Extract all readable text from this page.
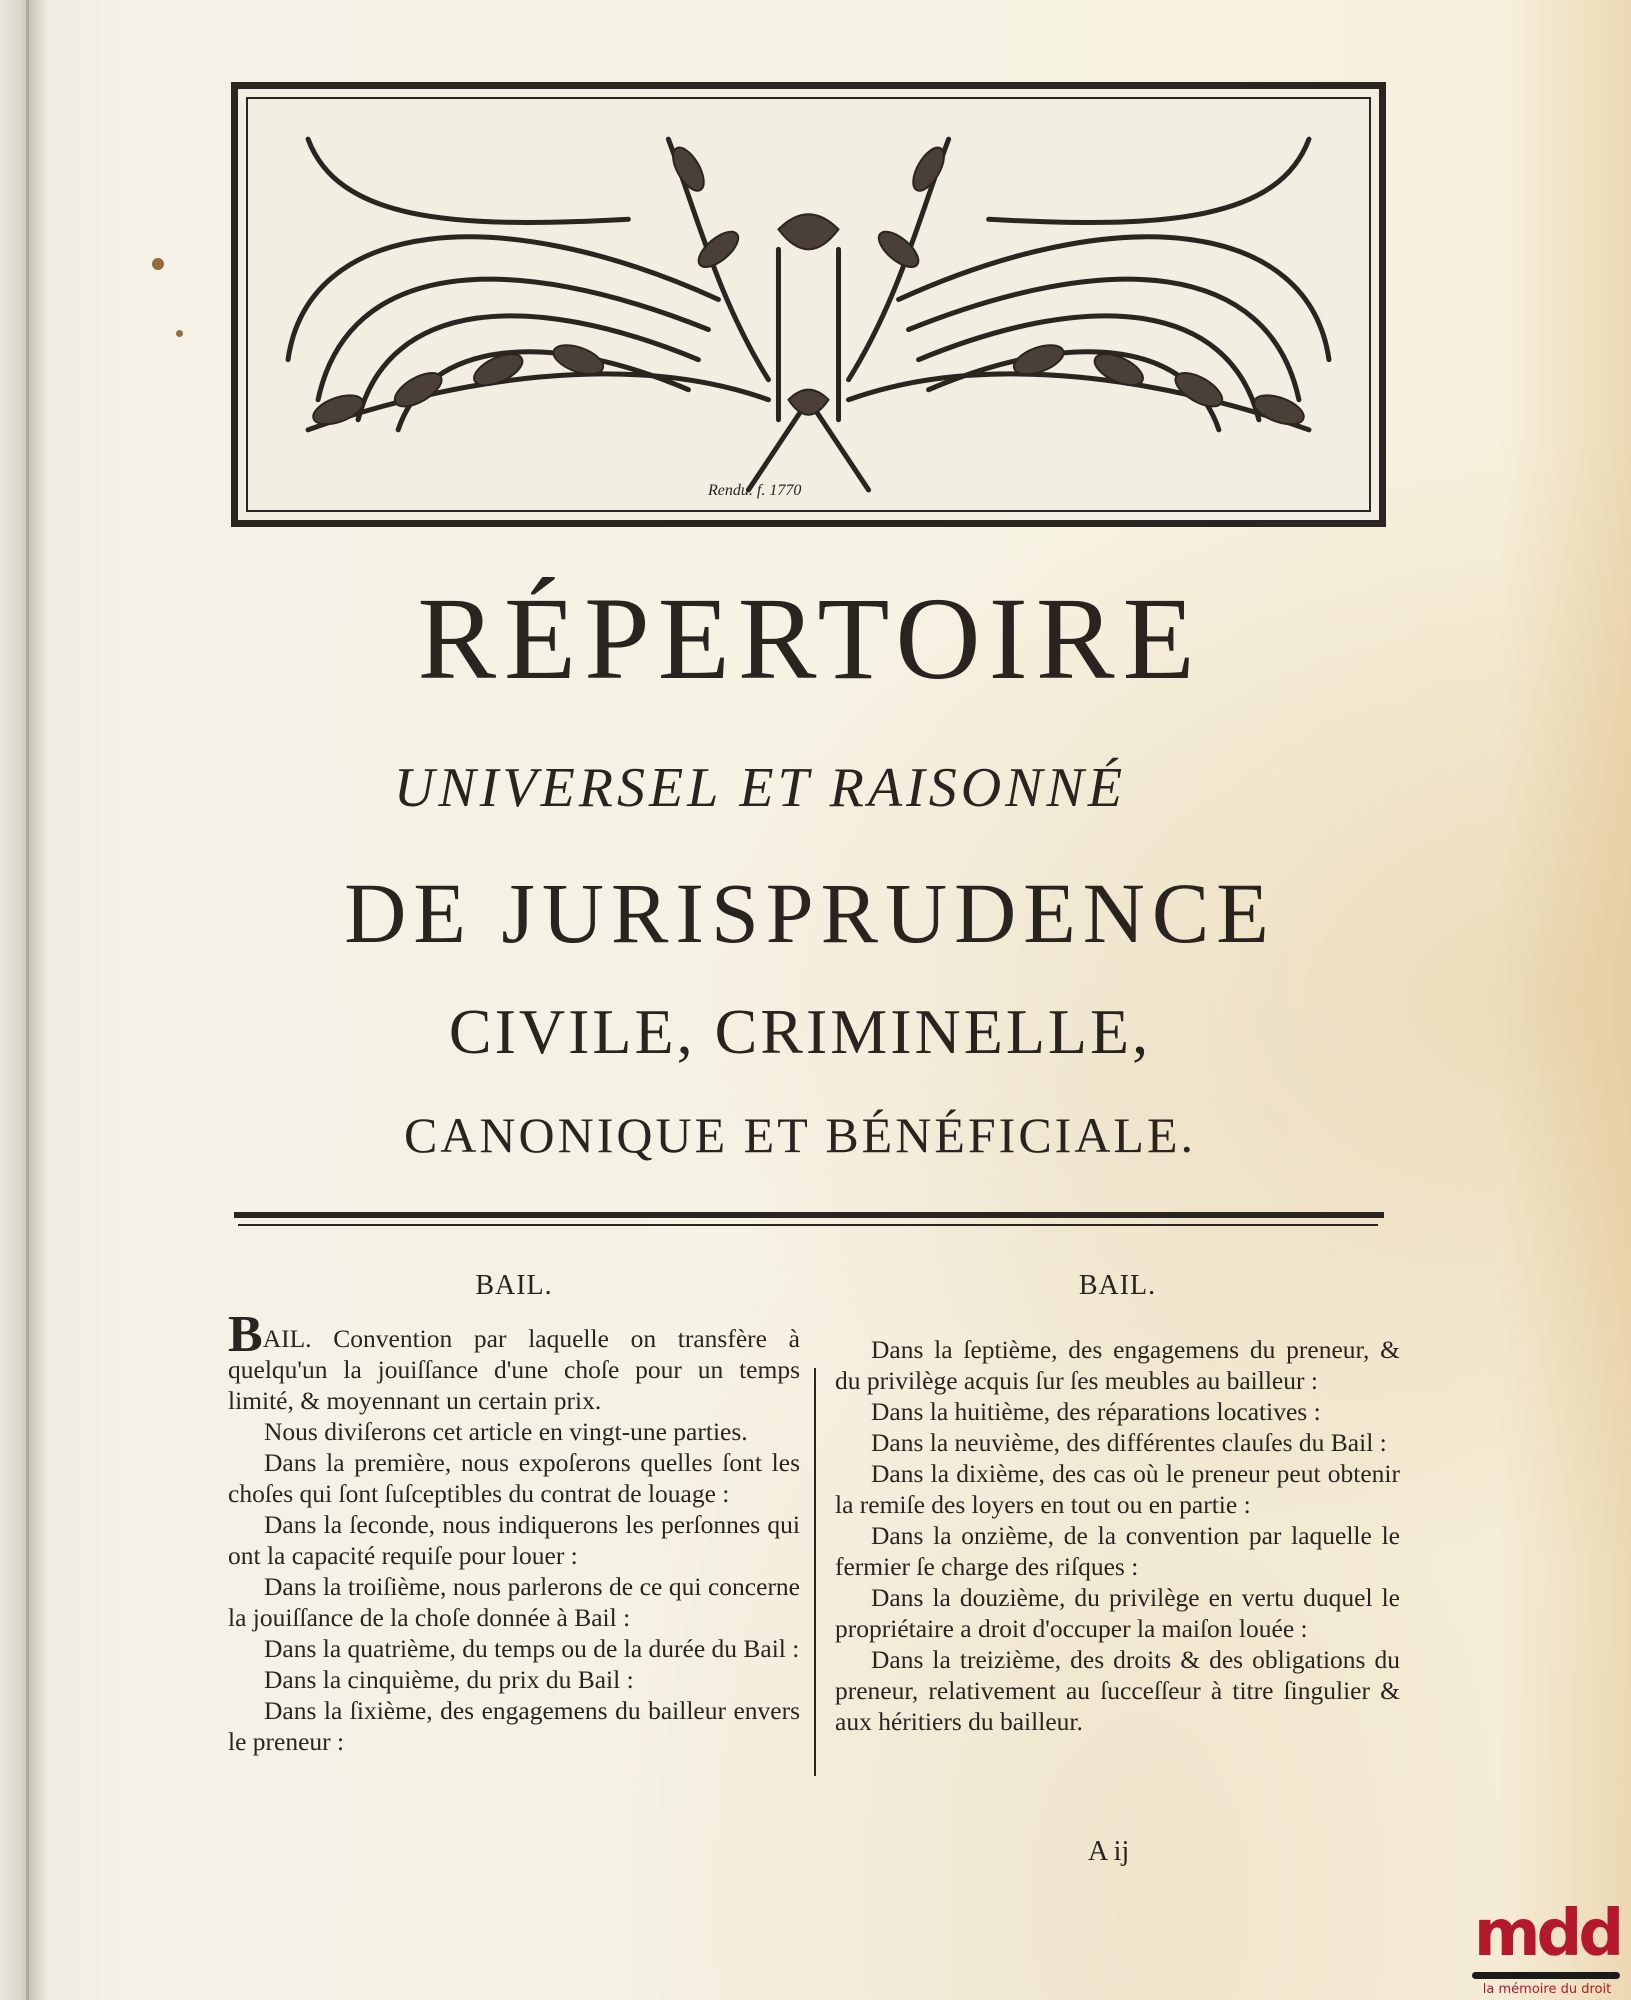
Rendu. f. 1770
RÉPERTOIRE
UNIVERSEL ET RAISONNÉ
DE JURISPRUDENCE
CIVILE, CRIMINELLE,
CANONIQUE ET BÉNÉFICIALE.
BAIL.

BAIL. Convention par laquelle on transfère à quelqu'un la jouiſſance d'une choſe pour un temps limité, & moyennant un certain prix.

Nous diviſerons cet article en vingt-une parties.

Dans la première, nous expoſerons quelles ſont les choſes qui ſont ſuſceptibles du contrat de louage :

Dans la ſeconde, nous indiquerons les perſonnes qui ont la capacité requiſe pour louer :

Dans la troiſième, nous parlerons de ce qui concerne la jouiſſance de la choſe donnée à Bail :

Dans la quatrième, du temps ou de la durée du Bail :

Dans la cinquième, du prix du Bail :

Dans la ſixième, des engagemens du bailleur envers le preneur :

BAIL.

Dans la ſeptième, des engagemens du preneur, & du privilège acquis ſur ſes meubles au bailleur :

Dans la huitième, des réparations locatives :

Dans la neuvième, des différentes clauſes du Bail :

Dans la dixième, des cas où le preneur peut obtenir la remiſe des loyers en tout ou en partie :

Dans la onzième, de la convention par laquelle le fermier ſe charge des riſques :

Dans la douzième, du privilège en vertu duquel le propriétaire a droit d'occuper la maiſon louée :

Dans la treizième, des droits & des obligations du preneur, relativement au ſucceſſeur à titre ſingulier & aux héritiers du bailleur.

A ij
mdd
la mémoire du droit
